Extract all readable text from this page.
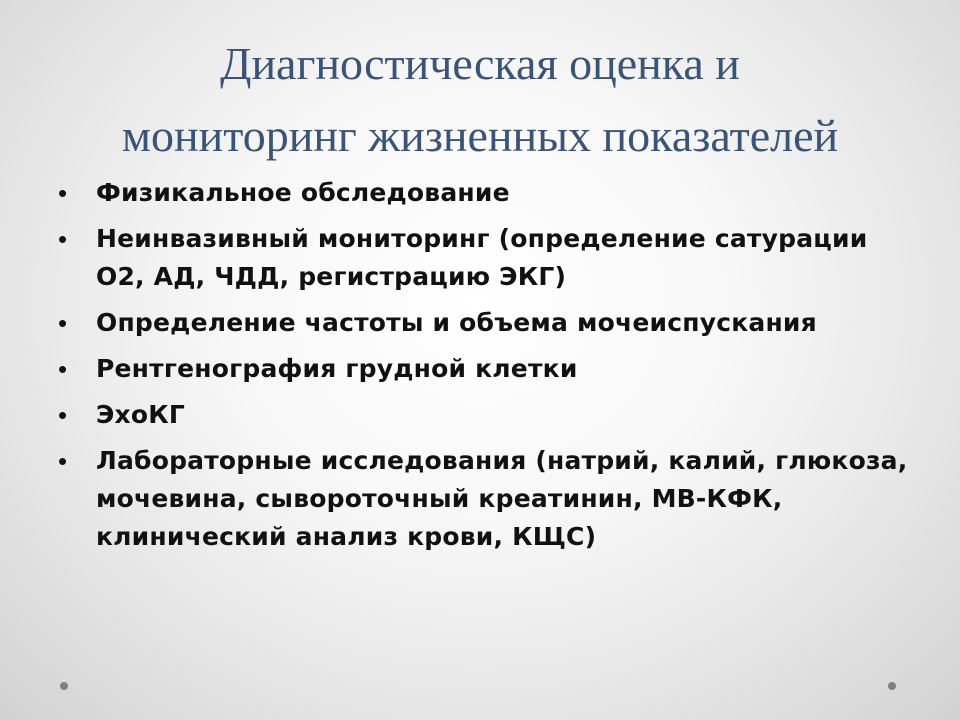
Диагностическая оценка и
мониторинг жизненных показателей
• Физикальное обследование
• Неинвазивный мониторинг (определение сатурации О2, АД, ЧДД, регистрацию ЭКГ)
• Определение частоты и объема мочеиспускания
• Рентгенография грудной клетки
• ЭхоКГ
• Лабораторные исследования (натрий, калий, глюкоза, мочевина, сывороточный креатинин, МВ-КФК, клинический анализ крови, КЩС)
